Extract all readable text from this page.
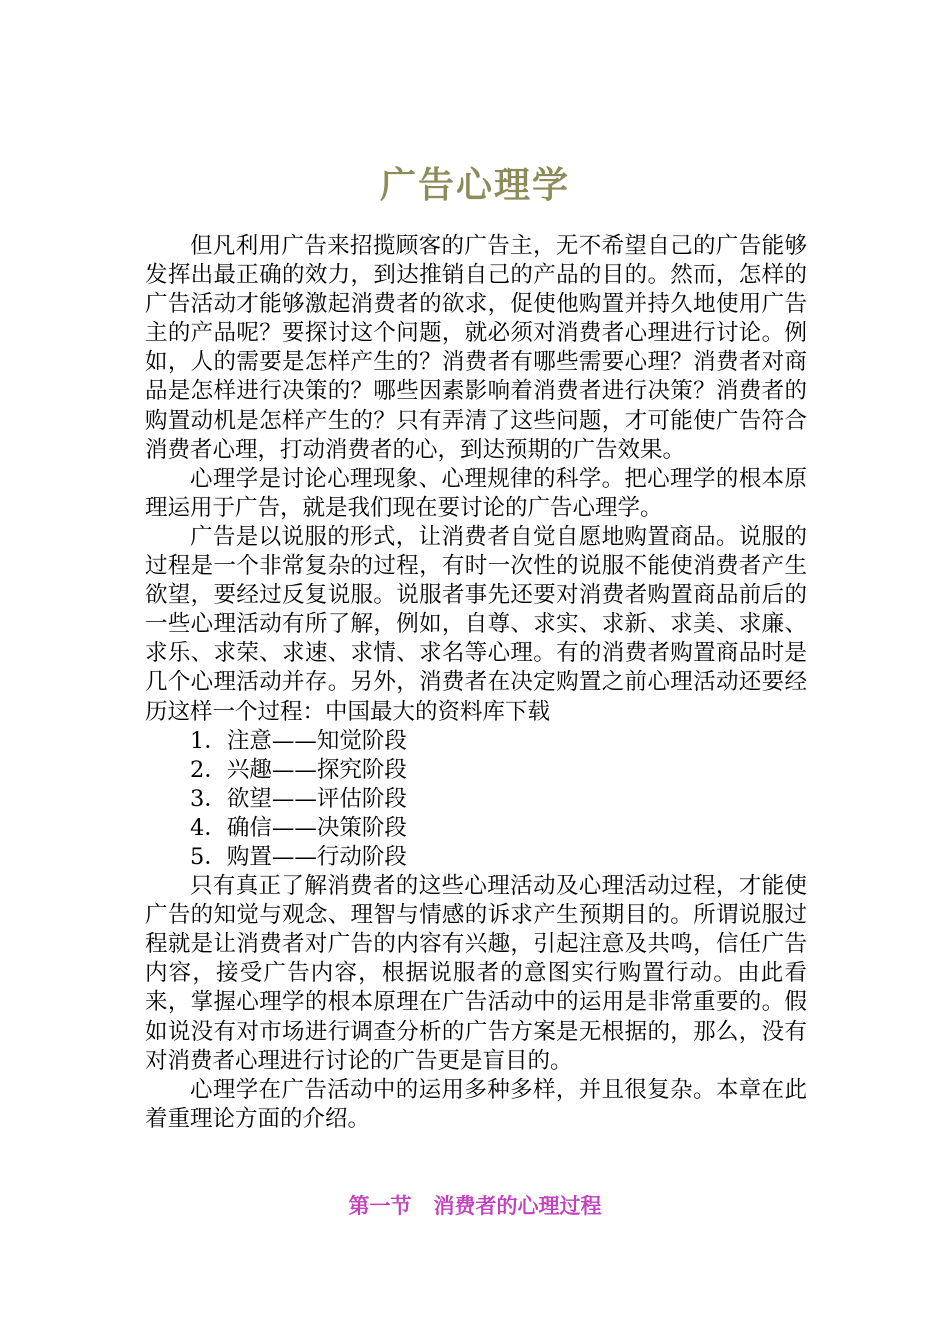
广告心理学

但凡利用广告来招揽顾客的广告主，无不希望自己的广告能够发挥出最正确的效力，到达推销自己的产品的目的。然而，怎样的广告活动才能够激起消费者的欲求，促使他购置并持久地使用广告主的产品呢？要探讨这个问题，就必须对消费者心理进行讨论。例如，人的需要是怎样产生的？消费者有哪些需要心理？消费者对商品是怎样进行决策的？哪些因素影响着消费者进行决策？消费者的购置动机是怎样产生的？只有弄清了这些问题，才可能使广告符合消费者心理，打动消费者的心，到达预期的广告效果。

心理学是讨论心理现象、心理规律的科学。把心理学的根本原理运用于广告，就是我们现在要讨论的广告心理学。

广告是以说服的形式，让消费者自觉自愿地购置商品。说服的过程是一个非常复杂的过程，有时一次性的说服不能使消费者产生欲望，要经过反复说服。说服者事先还要对消费者购置商品前后的一些心理活动有所了解，例如，自尊、求实、求新、求美、求廉、求乐、求荣、求速、求情、求名等心理。有的消费者购置商品时是几个心理活动并存。另外，消费者在决定购置之前心理活动还要经历这样一个过程：中国最大的资料库下载

1．注意——知觉阶段

2．兴趣——探究阶段

3．欲望——评估阶段

4．确信——决策阶段

5．购置——行动阶段

只有真正了解消费者的这些心理活动及心理活动过程，才能使广告的知觉与观念、理智与情感的诉求产生预期目的。所谓说服过程就是让消费者对广告的内容有兴趣，引起注意及共鸣，信任广告内容，接受广告内容，根据说服者的意图实行购置行动。由此看来，掌握心理学的根本原理在广告活动中的运用是非常重要的。假如说没有对市场进行调查分析的广告方案是无根据的，那么，没有对消费者心理进行讨论的广告更是盲目的。

心理学在广告活动中的运用多种多样，并且很复杂。本章在此着重理论方面的介绍。

第一节 消费者的心理过程
